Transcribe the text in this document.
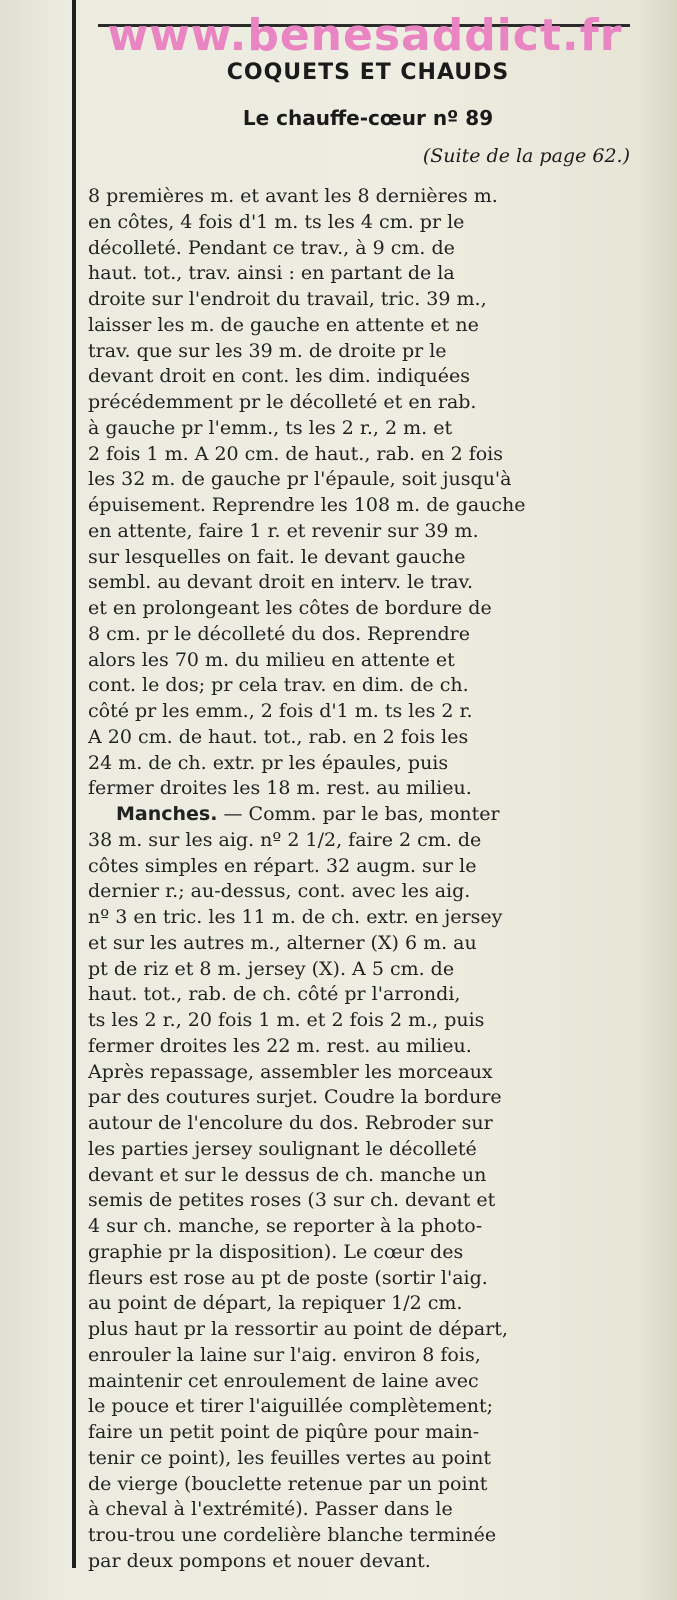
www.benesaddict.fr
COQUETS ET CHAUDS
Le chauffe-cœur nº 89
(Suite de la page 62.)
8 premières m. et avant les 8 dernières m.
en côtes, 4 fois d'1 m. ts les 4 cm. pr le
décolleté. Pendant ce trav., à 9 cm. de
haut. tot., trav. ainsi : en partant de la
droite sur l'endroit du travail, tric. 39 m.,
laisser les m. de gauche en attente et ne
trav. que sur les 39 m. de droite pr le
devant droit en cont. les dim. indiquées
précédemment pr le décolleté et en rab.
à gauche pr l'emm., ts les 2 r., 2 m. et
2 fois 1 m. A 20 cm. de haut., rab. en 2 fois
les 32 m. de gauche pr l'épaule, soit jusqu'à
épuisement. Reprendre les 108 m. de gauche
en attente, faire 1 r. et revenir sur 39 m.
sur lesquelles on fait. le devant gauche
sembl. au devant droit en interv. le trav.
et en prolongeant les côtes de bordure de
8 cm. pr le décolleté du dos. Reprendre
alors les 70 m. du milieu en attente et
cont. le dos; pr cela trav. en dim. de ch.
côté pr les emm., 2 fois d'1 m. ts les 2 r.
A 20 cm. de haut. tot., rab. en 2 fois les
24 m. de ch. extr. pr les épaules, puis
fermer droites les 18 m. rest. au milieu.
Manches. — Comm. par le bas, monter
38 m. sur les aig. nº 2 1/2, faire 2 cm. de
côtes simples en répart. 32 augm. sur le
dernier r.; au-dessus, cont. avec les aig.
nº 3 en tric. les 11 m. de ch. extr. en jersey
et sur les autres m., alterner (X) 6 m. au
pt de riz et 8 m. jersey (X). A 5 cm. de
haut. tot., rab. de ch. côté pr l'arrondi,
ts les 2 r., 20 fois 1 m. et 2 fois 2 m., puis
fermer droites les 22 m. rest. au milieu.
Après repassage, assembler les morceaux
par des coutures surjet. Coudre la bordure
autour de l'encolure du dos. Rebroder sur
les parties jersey soulignant le décolleté
devant et sur le dessus de ch. manche un
semis de petites roses (3 sur ch. devant et
4 sur ch. manche, se reporter à la photo-
graphie pr la disposition). Le cœur des
fleurs est rose au pt de poste (sortir l'aig.
au point de départ, la repiquer 1/2 cm.
plus haut pr la ressortir au point de départ,
enrouler la laine sur l'aig. environ 8 fois,
maintenir cet enroulement de laine avec
le pouce et tirer l'aiguillée complètement;
faire un petit point de piqûre pour main-
tenir ce point), les feuilles vertes au point
de vierge (bouclette retenue par un point
à cheval à l'extrémité). Passer dans le
trou-trou une cordelière blanche terminée
par deux pompons et nouer devant.
